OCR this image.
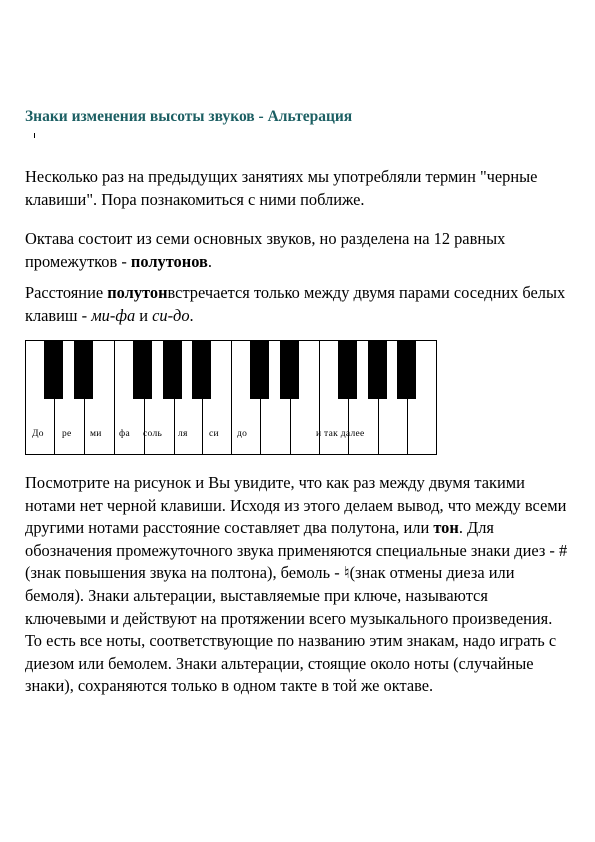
Знаки изменения высоты звуков - Альтерация

Несколько раз на предыдущих занятиях мы употребляли термин "черные клавиши". Пора познакомиться с ними поближе.

Октава состоит из семи основных звуков, но разделена на 12 равных промежутков - полутонов.

Расстояние полутонвстречается только между двумя парами соседних белых клавиш - ми-фа и си-до.

До ре ми фа соль ля си до	и так далее

Посмотрите на рисунок и Вы увидите, что как раз между двумя такими нотами нет черной клавиши. Исходя из этого делаем вывод, что между всеми другими нотами расстояние составляет два полутона, или тон. Для обозначения промежуточного звука применяются специальные знаки диез - #(знак повышения звука на полтона), бемоль - ♮(знак отмены диеза или бемоля). Знаки альтерации, выставляемые при ключе, называются ключевыми и действуют на протяжении всего музыкального произведения. То есть все ноты, соответствующие по названию этим знакам, надо играть с диезом или бемолем. Знаки альтерации, стоящие около ноты (случайные знаки), сохраняются только в одном такте в той же октаве.
